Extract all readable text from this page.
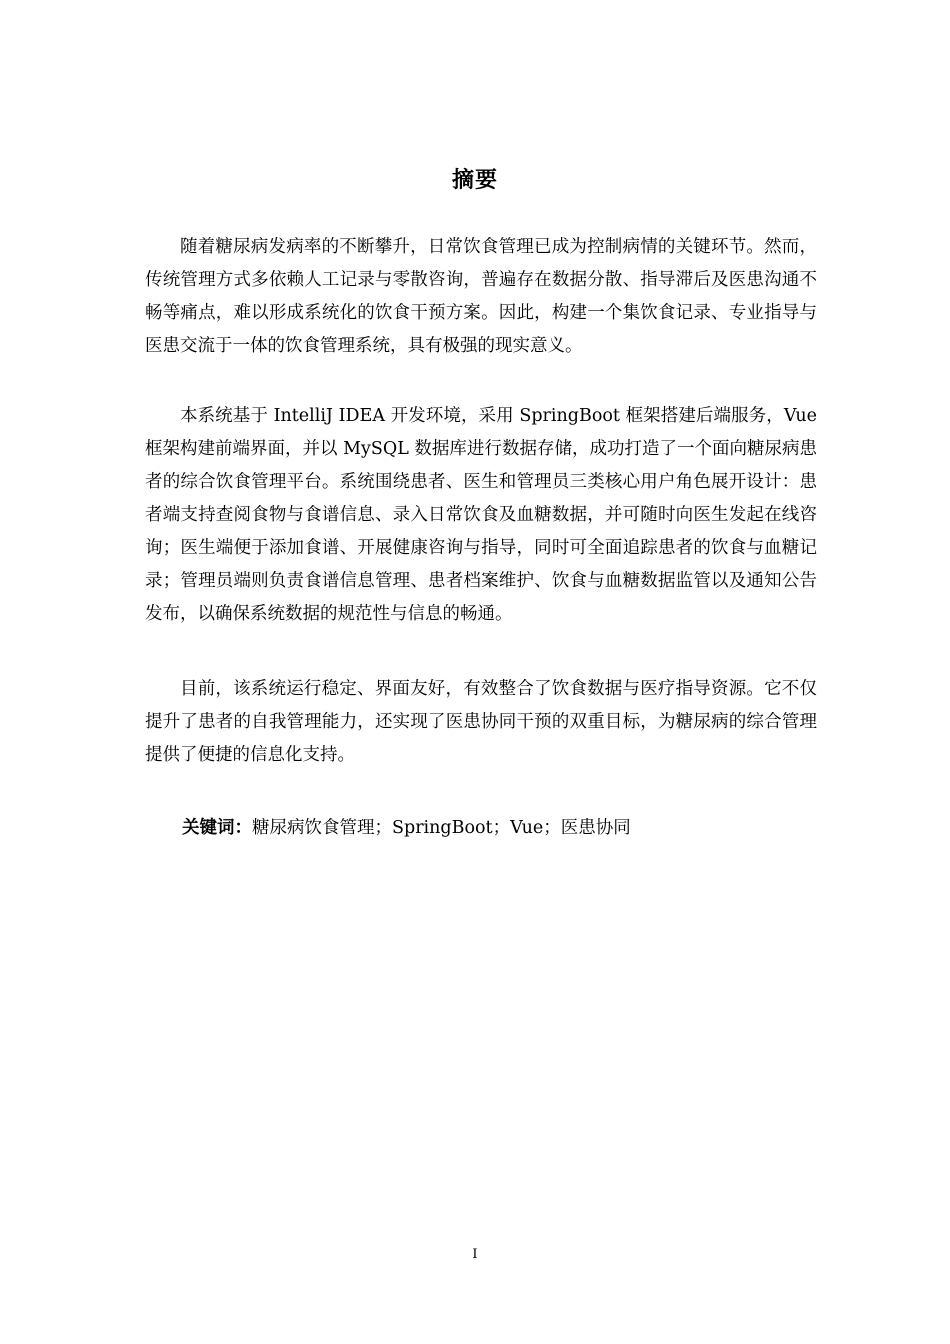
摘要

随着糖尿病发病率的不断攀升，日常饮食管理已成为控制病情的关键环节。然而，传统管理方式多依赖人工记录与零散咨询，普遍存在数据分散、指导滞后及医患沟通不畅等痛点，难以形成系统化的饮食干预方案。因此，构建一个集饮食记录、专业指导与医患交流于一体的饮食管理系统，具有极强的现实意义。

本系统基于 IntelliJ IDEA 开发环境，采用 SpringBoot 框架搭建后端服务，Vue 框架构建前端界面，并以 MySQL 数据库进行数据存储，成功打造了一个面向糖尿病患者的综合饮食管理平台。系统围绕患者、医生和管理员三类核心用户角色展开设计：患者端支持查阅食物与食谱信息、录入日常饮食及血糖数据，并可随时向医生发起在线咨询；医生端便于添加食谱、开展健康咨询与指导，同时可全面追踪患者的饮食与血糖记录；管理员端则负责食谱信息管理、患者档案维护、饮食与血糖数据监管以及通知公告发布，以确保系统数据的规范性与信息的畅通。

目前，该系统运行稳定、界面友好，有效整合了饮食数据与医疗指导资源。它不仅提升了患者的自我管理能力，还实现了医患协同干预的双重目标，为糖尿病的综合管理提供了便捷的信息化支持。

关键词：糖尿病饮食管理；SpringBoot；Vue；医患协同
I
